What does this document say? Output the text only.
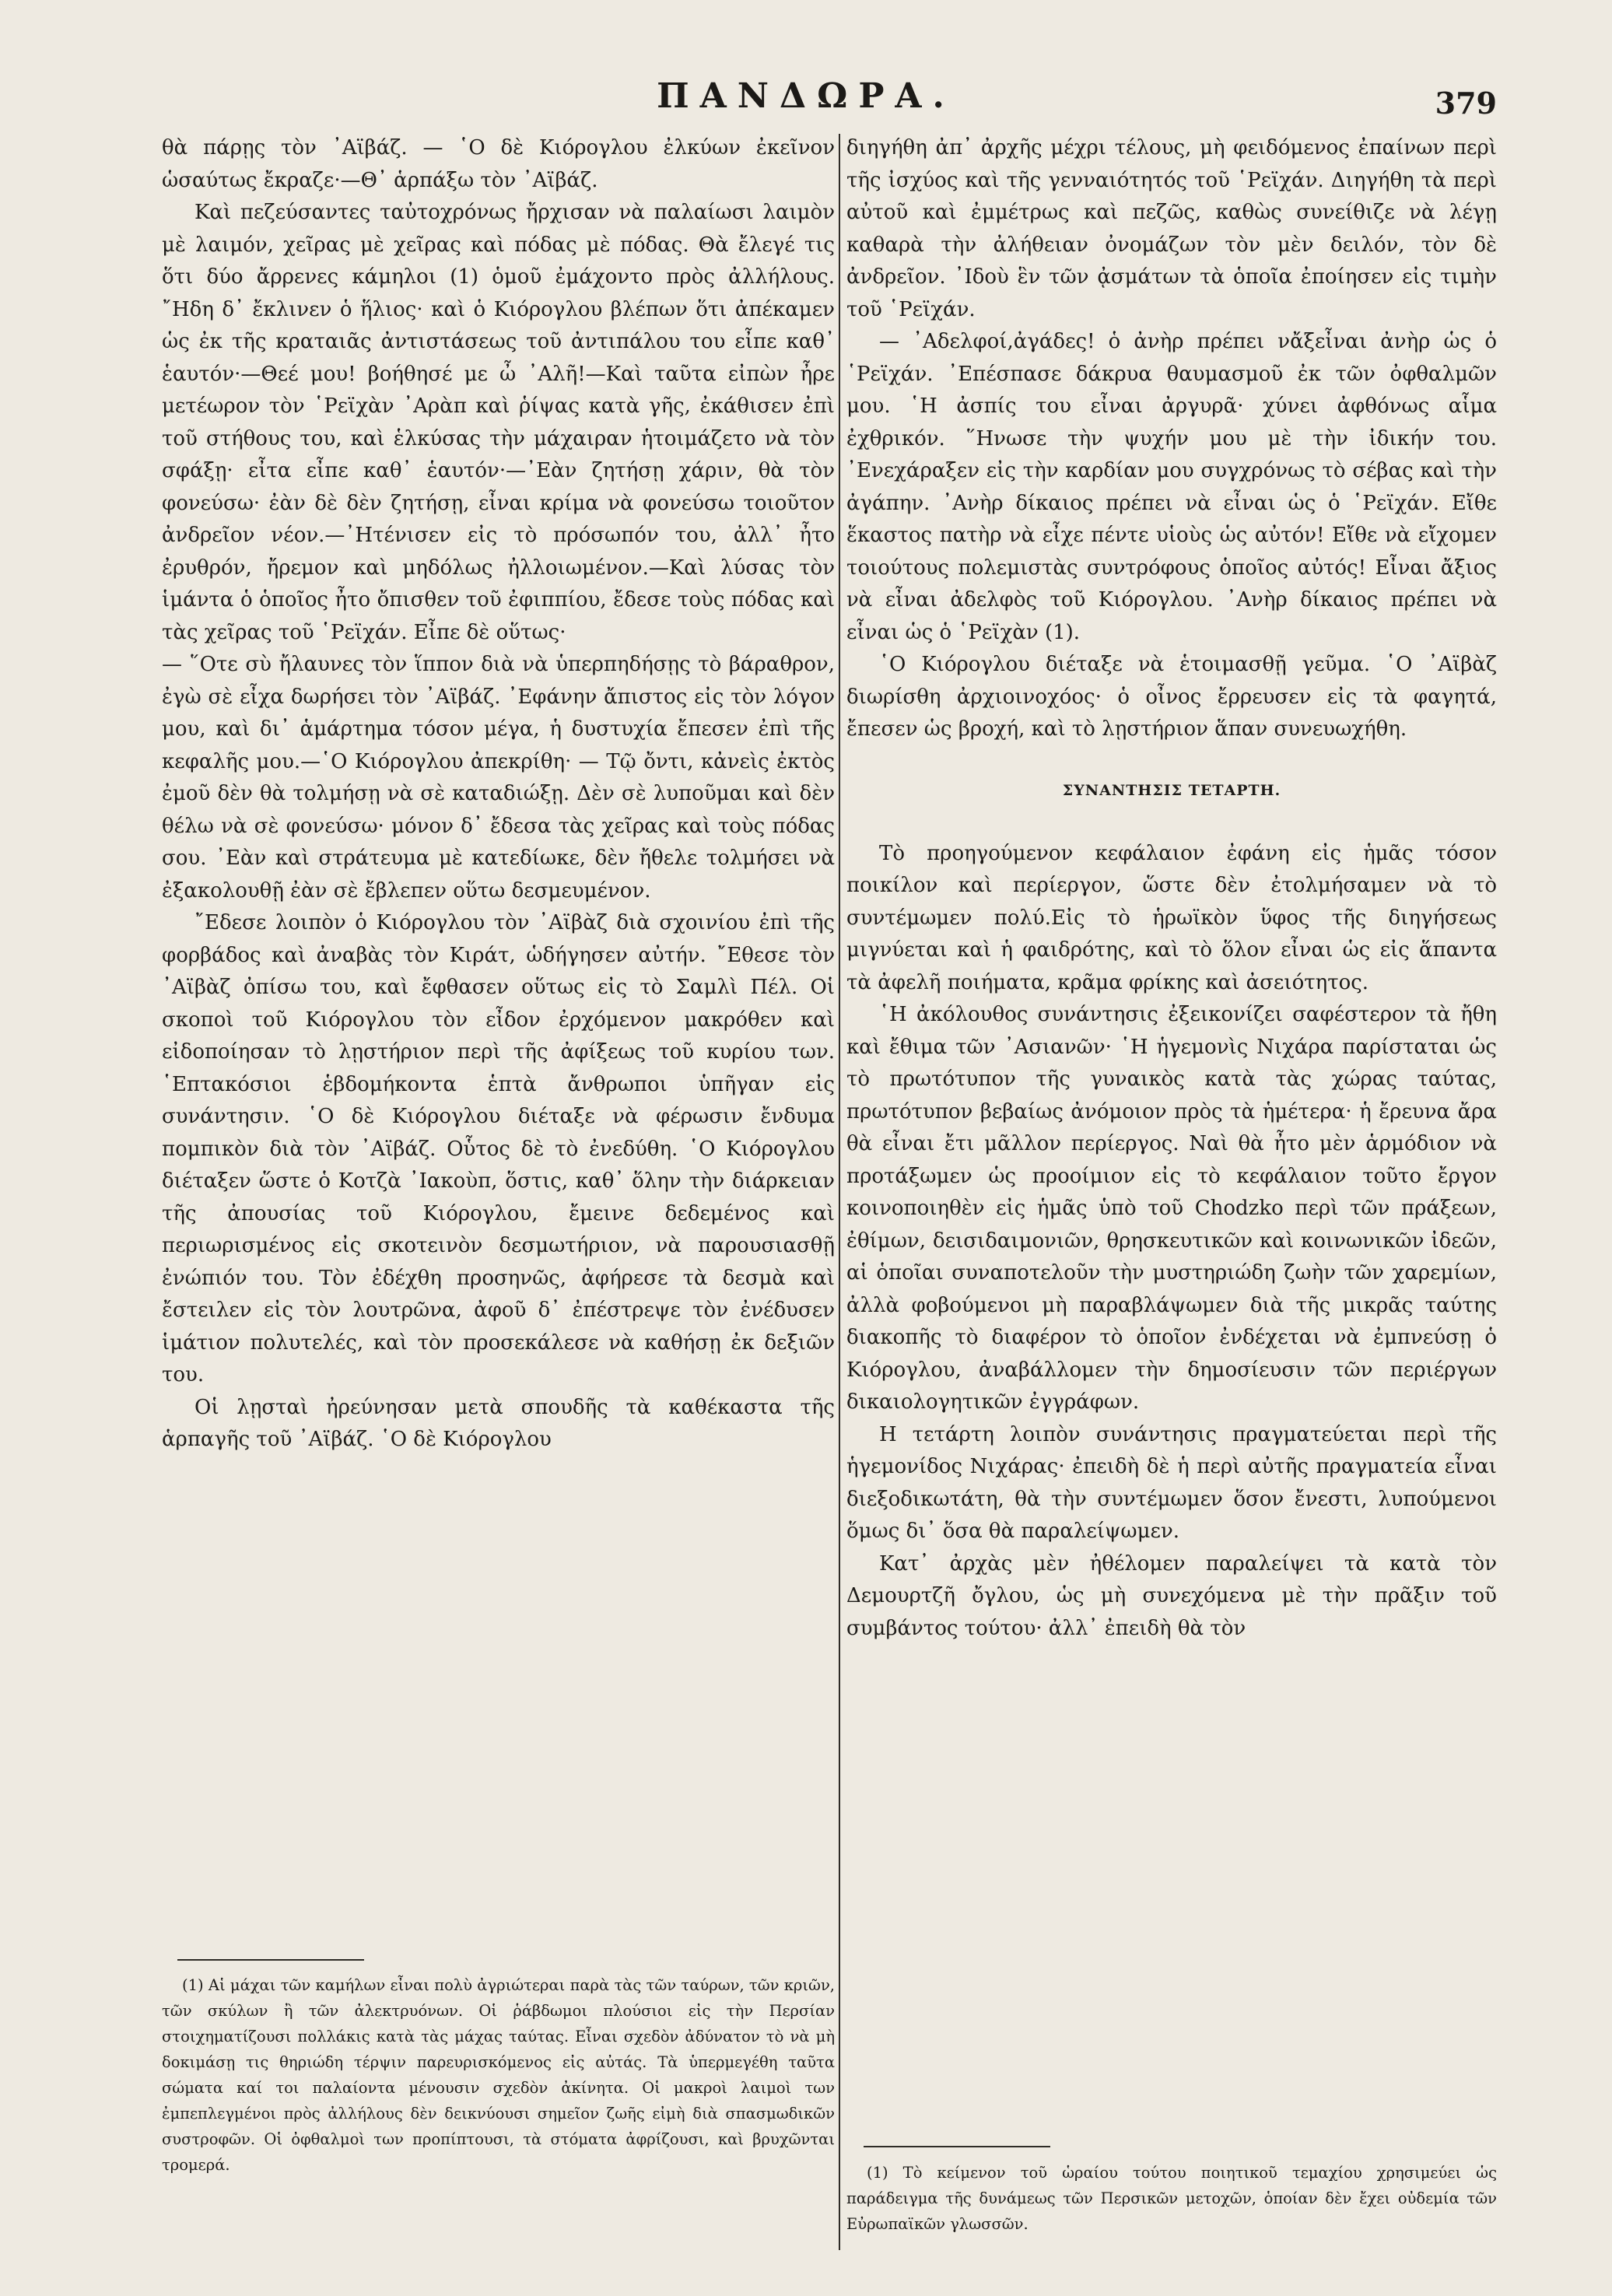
ΠΑΝΔΩΡΑ.	379

θὰ πάρῃς τὸν ᾽Αϊβάζ. — ῾Ο δὲ Κιόρογλου ἐλκύων ἐκεῖνον ὡσαύτως ἔκραζε·—Θ᾽ ἁρπάξω τὸν ᾽Αϊβάζ.

Καὶ πεζεύσαντες ταὐτοχρόνως ἤρχισαν νὰ παλαίωσι λαιμὸν μὲ λαιμόν, χεῖρας μὲ χεῖρας καὶ πόδας μὲ πόδας. Θὰ ἔλεγέ τις ὅτι δύο ἄρρενες κάμηλοι (1) ὁμοῦ ἐμάχοντο πρὸς ἀλλήλους. ῎Ηδη δ᾽ ἔκλινεν ὁ ἥλιος· καὶ ὁ Κιόρογλου βλέπων ὅτι ἀπέκαμεν ὡς ἐκ τῆς κραταιᾶς ἀντιστάσεως τοῦ ἀντιπάλου του εἶπε καθ᾽ ἑαυτόν·—Θεέ μου! βοήθησέ με ὦ ᾽Αλῆ!—Καὶ ταῦτα εἰπὼν ἦρε μετέωρον τὸν ῾Ρεϊχὰν ᾽Αρὰπ καὶ ῥίψας κατὰ γῆς, ἐκάθισεν ἐπὶ τοῦ στήθους του, καὶ ἑλκύσας τὴν μάχαιραν ἡτοιμάζετο νὰ τὸν σφάξῃ· εἶτα εἶπε καθ᾽ ἑαυτόν·—᾽Εὰν ζητήσῃ χάριν, θὰ τὸν φονεύσω· ἐὰν δὲ δὲν ζητήσῃ, εἶναι κρίμα νὰ φονεύσω τοιοῦτον ἀνδρεῖον νέον.—᾽Ητένισεν εἰς τὸ πρόσωπόν του, ἀλλ᾽ ἦτο ἐρυθρόν, ἤρεμον καὶ μηδόλως ἠλλοιωμένον.—Καὶ λύσας τὸν ἱμάντα ὁ ὁποῖος ἦτο ὄπισθεν τοῦ ἐφιππίου, ἔδεσε τοὺς πόδας καὶ τὰς χεῖρας τοῦ ῾Ρεϊχάν. Εἶπε δὲ οὕτως·

— ῞Οτε σὺ ἤλαυνες τὸν ἵππον διὰ νὰ ὑπερπηδήσῃς τὸ βάραθρον, ἐγὼ σὲ εἶχα δωρήσει τὸν ᾽Αϊβάζ. ᾽Εφάνην ἄπιστος εἰς τὸν λόγον μου, καὶ δι᾽ ἁμάρτημα τόσον μέγα, ἡ δυστυχία ἔπεσεν ἐπὶ τῆς κεφαλῆς μου.—῾Ο Κιόρογλου ἀπεκρίθη· — Τῷ ὄντι, κἀνεὶς ἐκτὸς ἐμοῦ δὲν θὰ τολμήσῃ νὰ σὲ καταδιώξῃ. Δὲν σὲ λυποῦμαι καὶ δὲν θέλω νὰ σὲ φονεύσω· μόνον δ᾽ ἔδεσα τὰς χεῖρας καὶ τοὺς πόδας σου. ᾽Εὰν καὶ στράτευμα μὲ κατεδίωκε, δὲν ἤθελε τολμήσει νὰ ἐξακολουθῇ ἐὰν σὲ ἔβλεπεν οὕτω δεσμευμένον.

῎Εδεσε λοιπὸν ὁ Κιόρογλου τὸν ᾽Αϊβὰζ διὰ σχοινίου ἐπὶ τῆς φορβάδος καὶ ἀναβὰς τὸν Κιράτ, ὡδήγησεν αὐτήν. ῎Εθεσε τὸν ᾽Αϊβὰζ ὀπίσω του, καὶ ἔφθασεν οὕτως εἰς τὸ Σαμλὶ Πέλ. Οἱ σκοποὶ τοῦ Κιόρογλου τὸν εἶδον ἐρχόμενον μακρόθεν καὶ εἰδοποίησαν τὸ λῃστήριον περὶ τῆς ἀφίξεως τοῦ κυρίου των. ῾Επτακόσιοι ἑβδομήκοντα ἑπτὰ ἄνθρωποι ὑπῆγαν εἰς συνάντησιν. ῾Ο δὲ Κιόρογλου διέταξε νὰ φέρωσιν ἔνδυμα πομπικὸν διὰ τὸν ᾽Αϊβάζ. Οὗτος δὲ τὸ ἐνεδύθη. ῾Ο Κιόρογλου διέταξεν ὥστε ὁ Κοτζὰ ᾽Ιακοὺπ, ὅστις, καθ᾽ ὅλην τὴν διάρκειαν τῆς ἀπουσίας τοῦ Κιόρογλου, ἔμεινε δεδεμένος καὶ περιωρισμένος εἰς σκοτεινὸν δεσμωτήριον, νὰ παρουσιασθῇ ἐνώπιόν του. Τὸν ἐδέχθη προσηνῶς, ἀφήρεσε τὰ δεσμὰ καὶ ἔστειλεν εἰς τὸν λουτρῶνα, ἀφοῦ δ᾽ ἐπέστρεψε τὸν ἐνέδυσεν ἱμάτιον πολυτελές, καὶ τὸν προσεκάλεσε νὰ καθήσῃ ἐκ δεξιῶν του.

Οἱ λῃσταὶ ἠρεύνησαν μετὰ σπουδῆς τὰ καθέκαστα τῆς ἁρπαγῆς τοῦ ᾽Αϊβάζ. ῾Ο δὲ Κιόρογλου

(1) Αἱ μάχαι τῶν καμήλων εἶναι πολὺ ἀγριώτεραι παρὰ τὰς τῶν ταύρων, τῶν κριῶν, τῶν σκύλων ἢ τῶν ἀλεκτρυόνων. Οἱ ῥάβδωμοι πλούσιοι εἰς τὴν Περσίαν στοιχηματίζουσι πολλάκις κατὰ τὰς μάχας ταύτας. Εἶναι σχεδὸν ἀδύνατον τὸ νὰ μὴ δοκιμάσῃ τις θηριώδη τέρψιν παρευρισκόμενος εἰς αὐτάς. Τὰ ὑπερμεγέθη ταῦτα σώματα καί τοι παλαίοντα μένουσιν σχεδὸν ἀκίνητα. Οἱ μακροὶ λαιμοὶ των ἐμπεπλεγμένοι πρὸς ἀλλήλους δὲν δεικνύουσι σημεῖον ζωῆς εἰμὴ διὰ σπασμωδικῶν συστροφῶν. Οἱ ὀφθαλμοὶ των προπίπτουσι, τὰ στόματα ἀφρίζουσι, καὶ βρυχῶνται τρομερά.

διηγήθη ἀπ᾽ ἀρχῆς μέχρι τέλους, μὴ φειδόμενος ἐπαίνων περὶ τῆς ἰσχύος καὶ τῆς γενναιότητός τοῦ ῾Ρεϊχάν. Διηγήθη τὰ περὶ αὐτοῦ καὶ ἐμμέτρως καὶ πεζῶς, καθὼς συνείθιζε νὰ λέγῃ καθαρὰ τὴν ἀλήθειαν ὀνομάζων τὸν μὲν δειλόν, τὸν δὲ ἀνδρεῖον. ᾽Ιδοὺ ἓν τῶν ᾀσμάτων τὰ ὁποῖα ἐποίησεν εἰς τιμὴν τοῦ ῾Ρεϊχάν.

— ᾽Αδελφοί,ἀγάδες! ὁ ἀνὴρ πρέπει νἄξεἶναι ἀνὴρ ὡς ὁ ῾Ρεϊχάν. ᾽Επέσπασε δάκρυα θαυμασμοῦ ἐκ τῶν ὀφθαλμῶν μου. ῾Η ἀσπίς του εἶναι ἀργυρᾶ· χύνει ἀφθόνως αἷμα ἐχθρικόν. ῞Ηνωσε τὴν ψυχήν μου μὲ τὴν ἰδικήν του. ᾽Ενεχάραξεν εἰς τὴν καρδίαν μου συγχρόνως τὸ σέβας καὶ τὴν ἀγάπην. ᾽Ανὴρ δίκαιος πρέπει νὰ εἶναι ὡς ὁ ῾Ρεϊχάν. Εἴθε ἕκαστος πατὴρ νὰ εἶχε πέντε υἱοὺς ὡς αὐτόν! Εἴθε νὰ εἴχομεν τοιούτους πολεμιστὰς συντρόφους ὁποῖος αὐτός! Εἶναι ἄξιος νὰ εἶναι ἀδελφὸς τοῦ Κιόρογλου. ᾽Ανὴρ δίκαιος πρέπει νὰ εἶναι ὡς ὁ ῾Ρεϊχὰν (1).

῾Ο Κιόρογλου διέταξε νὰ ἑτοιμασθῇ γεῦμα. ῾Ο ᾽Αϊβὰζ διωρίσθη ἀρχιοινοχόος· ὁ οἶνος ἔρρευσεν εἰς τὰ φαγητά, ἔπεσεν ὡς βροχή, καὶ τὸ λῃστήριον ἅπαν συνευωχήθη.

ΣΥΝΑΝΤΗΣΙΣ ΤΕΤΑΡΤΗ.

Τὸ προηγούμενον κεφάλαιον ἐφάνη εἰς ἡμᾶς τόσον ποικίλον καὶ περίεργον, ὥστε δὲν ἐτολμήσαμεν νὰ τὸ συντέμωμεν πολύ.Εἰς τὸ ἡρωϊκὸν ὕφος τῆς διηγήσεως μιγνύεται καὶ ἡ φαιδρότης, καὶ τὸ ὅλον εἶναι ὡς εἰς ἅπαντα τὰ ἀφελῆ ποιήματα, κρᾶμα φρίκης καὶ ἀσειότητος.

῾Η ἀκόλουθος συνάντησις ἐξεικονίζει σαφέστερον τὰ ἤθη καὶ ἔθιμα τῶν ᾽Ασιανῶν· ῾Η ἡγεμονὶς Νιχάρα παρίσταται ὡς τὸ πρωτότυπον τῆς γυναικὸς κατὰ τὰς χώρας ταύτας, πρωτότυπον βεβαίως ἀνόμοιον πρὸς τὰ ἡμέτερα· ἡ ἔρευνα ἄρα θὰ εἶναι ἔτι μᾶλλον περίεργος. Ναὶ θὰ ἦτο μὲν ἁρμόδιον νὰ προτάξωμεν ὡς προοίμιον εἰς τὸ κεφάλαιον τοῦτο ἔργον κοινοποιηθὲν εἰς ἡμᾶς ὑπὸ τοῦ Chodzko περὶ τῶν πράξεων, ἐθίμων, δεισιδαιμονιῶν, θρησκευτικῶν καὶ κοινωνικῶν ἰδεῶν, αἱ ὁποῖαι συναποτελοῦν τὴν μυστηριώδη ζωὴν τῶν χαρεμίων, ἀλλὰ φοβούμενοι μὴ παραβλάψωμεν διὰ τῆς μικρᾶς ταύτης διακοπῆς τὸ διαφέρον τὸ ὁποῖον ἐνδέχεται νὰ ἐμπνεύσῃ ὁ Κιόρογλου, ἀναβάλλομεν τὴν δημοσίευσιν τῶν περιέργων δικαιολογητικῶν ἐγγράφων.

Η τετάρτη λοιπὸν συνάντησις πραγματεύεται περὶ τῆς ἡγεμονίδος Νιχάρας· ἐπειδὴ δὲ ἡ περὶ αὐτῆς πραγματεία εἶναι διεξοδικωτάτη, θὰ τὴν συντέμωμεν ὅσον ἔνεστι, λυπούμενοι ὅμως δι᾽ ὅσα θὰ παραλείψωμεν.

Κατ᾽ ἀρχὰς μὲν ἠθέλομεν παραλείψει τὰ κατὰ τὸν Δεμουρτζῆ ὄγλου, ὡς μὴ συνεχόμενα μὲ τὴν πρᾶξιν τοῦ συμβάντος τούτου· ἀλλ᾽ ἐπειδὴ θὰ τὸν

(1) Τὸ κείμενον τοῦ ὡραίου τούτου ποιητικοῦ τεμαχίου χρησιμεύει ὡς παράδειγμα τῆς δυνάμεως τῶν Περσικῶν μετοχῶν, ὁποίαν δὲν ἔχει οὐδεμία τῶν Εὐρωπαϊκῶν γλωσσῶν.
